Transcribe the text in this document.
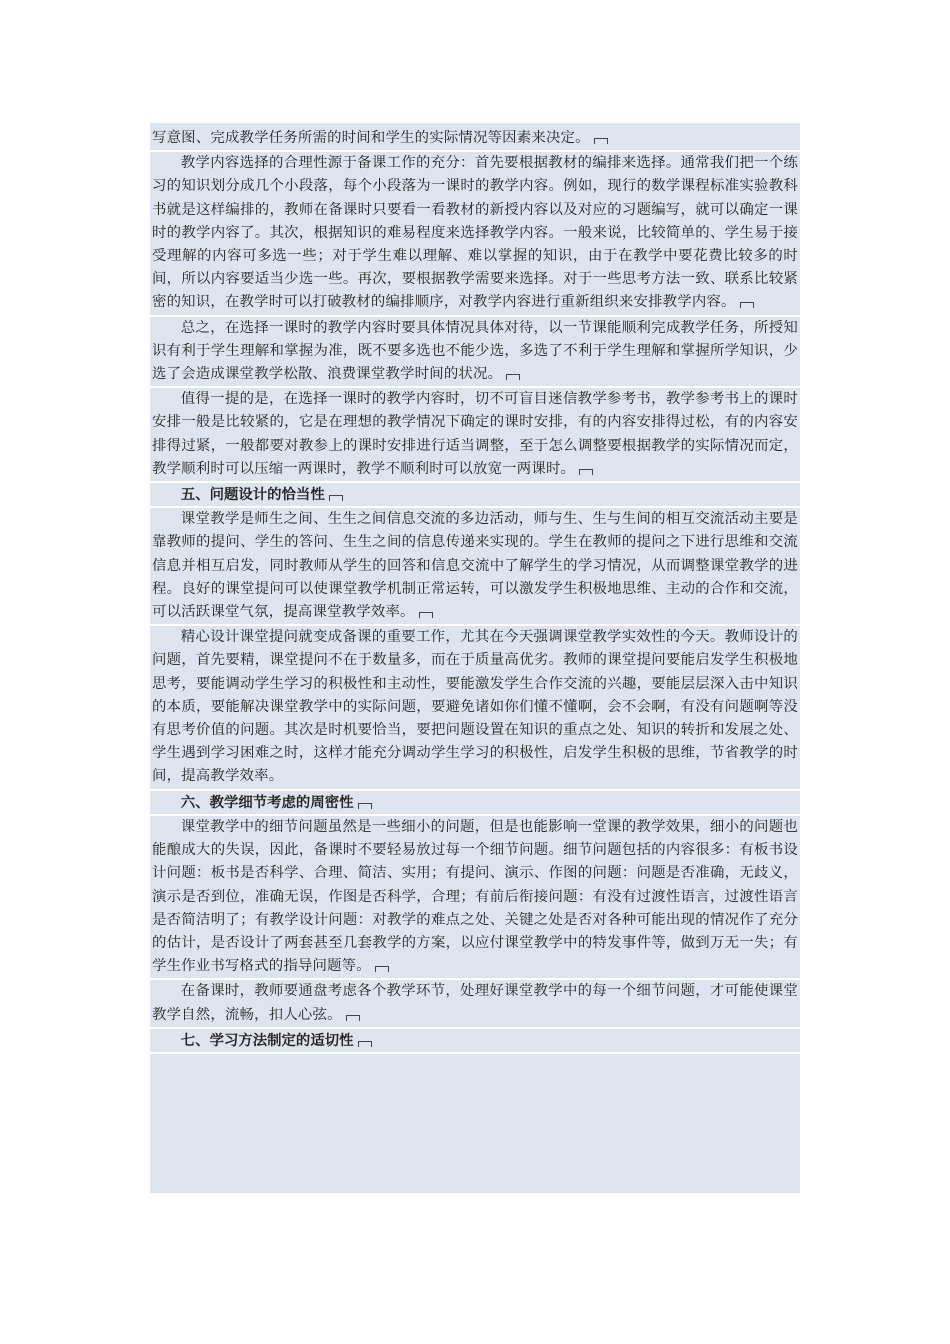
写意图、完成教学任务所需的时间和学生的实际情况等因素来决定。

教学内容选择的合理性源于备课工作的充分：首先要根据教材的编排来选择。通常我们把一个练习的知识划分成几个小段落，每个小段落为一课时的教学内容。例如，现行的数学课程标准实验教科书就是这样编排的，教师在备课时只要看一看教材的新授内容以及对应的习题编写，就可以确定一课时的教学内容了。其次，根据知识的难易程度来选择教学内容。一般来说，比较简单的、学生易于接受理解的内容可多选一些；对于学生难以理解、难以掌握的知识，由于在教学中要花费比较多的时间，所以内容要适当少选一些。再次，要根据教学需要来选择。对于一些思考方法一致、联系比较紧密的知识，在教学时可以打破教材的编排顺序，对教学内容进行重新组织来安排教学内容。

总之，在选择一课时的教学内容时要具体情况具体对待，以一节课能顺利完成教学任务，所授知识有利于学生理解和掌握为准，既不要多选也不能少选，多选了不利于学生理解和掌握所学知识，少选了会造成课堂教学松散、浪费课堂教学时间的状况。

值得一提的是，在选择一课时的教学内容时，切不可盲目迷信教学参考书，教学参考书上的课时安排一般是比较紧的，它是在理想的教学情况下确定的课时安排，有的内容安排得过松，有的内容安排得过紧，一般都要对教参上的课时安排进行适当调整，至于怎么调整要根据教学的实际情况而定，教学顺利时可以压缩一两课时，教学不顺利时可以放宽一两课时。

五、问题设计的恰当性

课堂教学是师生之间、生生之间信息交流的多边活动，师与生、生与生间的相互交流活动主要是靠教师的提问、学生的答问、生生之间的信息传递来实现的。学生在教师的提问之下进行思维和交流信息并相互启发，同时教师从学生的回答和信息交流中了解学生的学习情况，从而调整课堂教学的进程。良好的课堂提问可以使课堂教学机制正常运转，可以激发学生积极地思维、主动的合作和交流，可以活跃课堂气氛，提高课堂教学效率。

精心设计课堂提问就变成备课的重要工作，尤其在今天强调课堂教学实效性的今天。教师设计的问题，首先要精，课堂提问不在于数量多，而在于质量高优劣。教师的课堂提问要能启发学生积极地思考，要能调动学生学习的积极性和主动性，要能激发学生合作交流的兴趣，要能层层深入击中知识的本质，要能解决课堂教学中的实际问题，要避免诸如你们懂不懂啊，会不会啊，有没有问题啊等没有思考价值的问题。其次是时机要恰当，要把问题设置在知识的重点之处、知识的转折和发展之处、学生遇到学习困难之时，这样才能充分调动学生学习的积极性，启发学生积极的思维，节省教学的时间，提高教学效率。

六、教学细节考虑的周密性

课堂教学中的细节问题虽然是一些细小的问题，但是也能影响一堂课的教学效果，细小的问题也能酿成大的失误，因此，备课时不要轻易放过每一个细节问题。细节问题包括的内容很多：有板书设计问题：板书是否科学、合理、简洁、实用；有提问、演示、作图的问题：问题是否准确，无歧义，演示是否到位，准确无误，作图是否科学，合理；有前后衔接问题：有没有过渡性语言，过渡性语言是否简洁明了；有教学设计问题：对教学的难点之处、关键之处是否对各种可能出现的情况作了充分的估计，是否设计了两套甚至几套教学的方案，以应付课堂教学中的特发事件等，做到万无一失；有学生作业书写格式的指导问题等。

在备课时，教师要通盘考虑各个教学环节，处理好课堂教学中的每一个细节问题，才可能使课堂教学自然，流畅，扣人心弦。

七、学习方法制定的适切性
